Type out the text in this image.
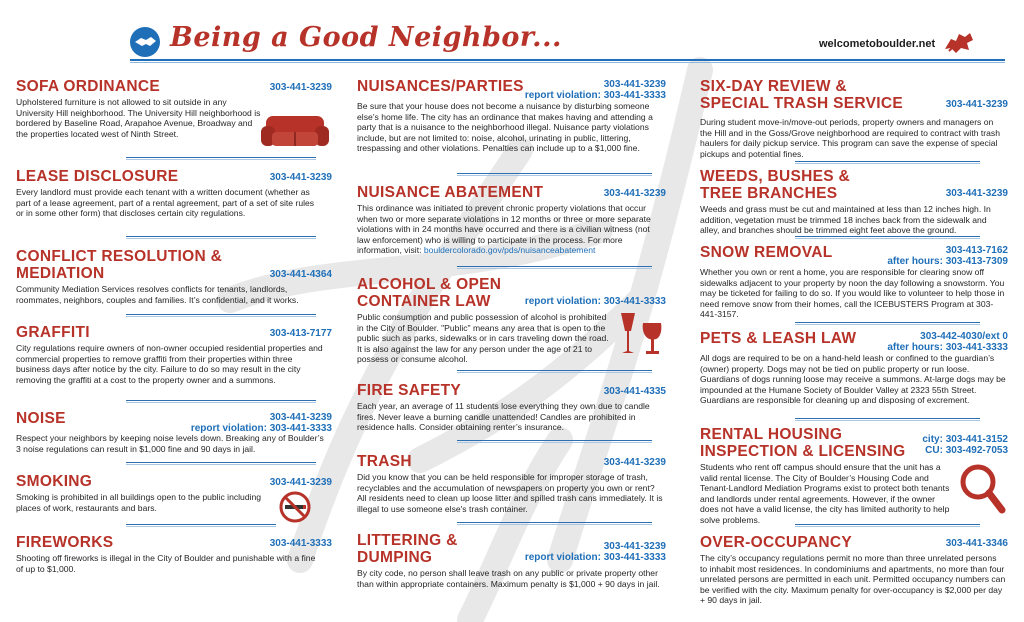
Being a Good Neighbor...	welcometoboulder.net
SOFA ORDINANCE	303-441-3239
Upholstered furniture is not allowed to sit outside in any University Hill neighborhood. The University Hill neighborhood is bordered by Baseline Road, Arapahoe Avenue, Broadway and the properties located west of Ninth Street.
LEASE DISCLOSURE	303-441-3239
Every landlord must provide each tenant with a written document (whether as part of a lease agreement, part of a rental agreement, part of a set of site rules or in some other form) that discloses certain city regulations.
CONFLICT RESOLUTION &
MEDIATION	303-441-4364
Community Mediation Services resolves conflicts for tenants, landlords, roommates, neighbors, couples and families. It’s confidential, and it works.
GRAFFITI	303-413-7177
City regulations require owners of non-owner occupied residential properties and commercial properties to remove graffiti from their properties within three business days after notice by the city. Failure to do so may result in the city removing the graffiti at a cost to the property owner and a summons.
NOISE	303-441-3239
report violation: 303-441-3333
Respect your neighbors by keeping noise levels down. Breaking any of Boulder’s 3 noise regulations can result in $1,000 fine and 90 days in jail.
SMOKING	303-441-3239
Smoking is prohibited in all buildings open to the public including places of work, restaurants and bars.
FIREWORKS	303-441-3333
Shooting off fireworks is illegal in the City of Boulder and punishable with a fine of up to $1,000.
NUISANCES/PARTIES	303-441-3239
report violation: 303-441-3333
Be sure that your house does not become a nuisance by disturbing someone else’s home life. The city has an ordinance that makes having and attending a party that is a nuisance to the neighborhood illegal. Nuisance party violations include, but are not limited to: noise, alcohol, urinating in public, littering, trespassing and other violations. Penalties can include up to a $1,000 fine.
NUISANCE ABATEMENT	303-441-3239
This ordinance was initiated to prevent chronic property violations that occur when two or more separate violations in 12 months or three or more separate violations with in 24 months have occurred and there is a civilian witness (not law enforcement) who is willing to participate in the process. For more information, visit: bouldercolorado.gov/pds/nuisanceabatement
ALCOHOL & OPEN
CONTAINER LAW	report violation: 303-441-3333
Public consumption and public possession of alcohol is prohibited in the City of Boulder. "Public" means any area that is open to the public such as parks, sidewalks or in cars traveling down the road. It is also against the law for any person under the age of 21 to possess or consume alcohol.
FIRE SAFETY	303-441-4335
Each year, an average of 11 students lose everything they own due to candle fires. Never leave a burning candle unattended! Candles are prohibited in residence halls. Consider obtaining renter’s insurance.
TRASH	303-441-3239
Did you know that you can be held responsible for improper storage of trash, recyclables and the accumulation of newspapers on property you own or rent? All residents need to clean up loose litter and spilled trash cans immediately. It is illegal to use someone else's trash container.
LITTERING &
DUMPING
303-441-3239
report violation: 303-441-3333
By city code, no person shall leave trash on any public or private property other than within appropriate containers. Maximum penalty is $1,000 + 90 days in jail.
SIX-DAY REVIEW &
SPECIAL TRASH SERVICE	303-441-3239
During student move-in/move-out periods, property owners and managers on the Hill and in the Goss/Grove neighborhood are required to contract with trash haulers for daily pickup service. This program can save the expense of special pickups and potential fines.
WEEDS, BUSHES &
TREE BRANCHES	303-441-3239
Weeds and grass must be cut and maintained at less than 12 inches high. In addition, vegetation must be trimmed 18 inches back from the sidewalk and alley, and branches should be trimmed eight feet above the ground.
SNOW REMOVAL	303-413-7162
after hours: 303-413-7309
Whether you own or rent a home, you are responsible for clearing snow off sidewalks adjacent to your property by noon the day following a snowstorm. You may be ticketed for failing to do so. If you would like to volunteer to help those in need remove snow from their homes, call the ICEBUSTERS Program at 303-441-3157.
PETS & LEASH LAW	303-442-4030/ext 0
after hours: 303-441-3333
All dogs are required to be on a hand-held leash or confined to the guardian’s (owner) property. Dogs may not be tied on public property or run loose. Guardians of dogs running loose may receive a summons. At-large dogs may be impounded at the Humane Society of Boulder Valley at 2323 55th Street. Guardians are responsible for cleaning up and disposing of excrement.
RENTAL HOUSING
INSPECTION & LICENSING
city: 303-441-3152
CU: 303-492-7053
Students who rent off campus should ensure that the unit has a valid rental license. The City of Boulder’s Housing Code and Tenant-Landlord Mediation Programs exist to protect both tenants and landlords under rental agreements. However, if the owner does not have a valid license, the city has limited authority to help solve problems.
OVER-OCCUPANCY	303-441-3346
The city’s occupancy regulations permit no more than three unrelated persons to inhabit most residences. In condominiums and apartments, no more than four unrelated persons are permitted in each unit. Permitted occupancy numbers can be verified with the city. Maximum penalty for over-occupancy is $2,000 per day + 90 days in jail.
